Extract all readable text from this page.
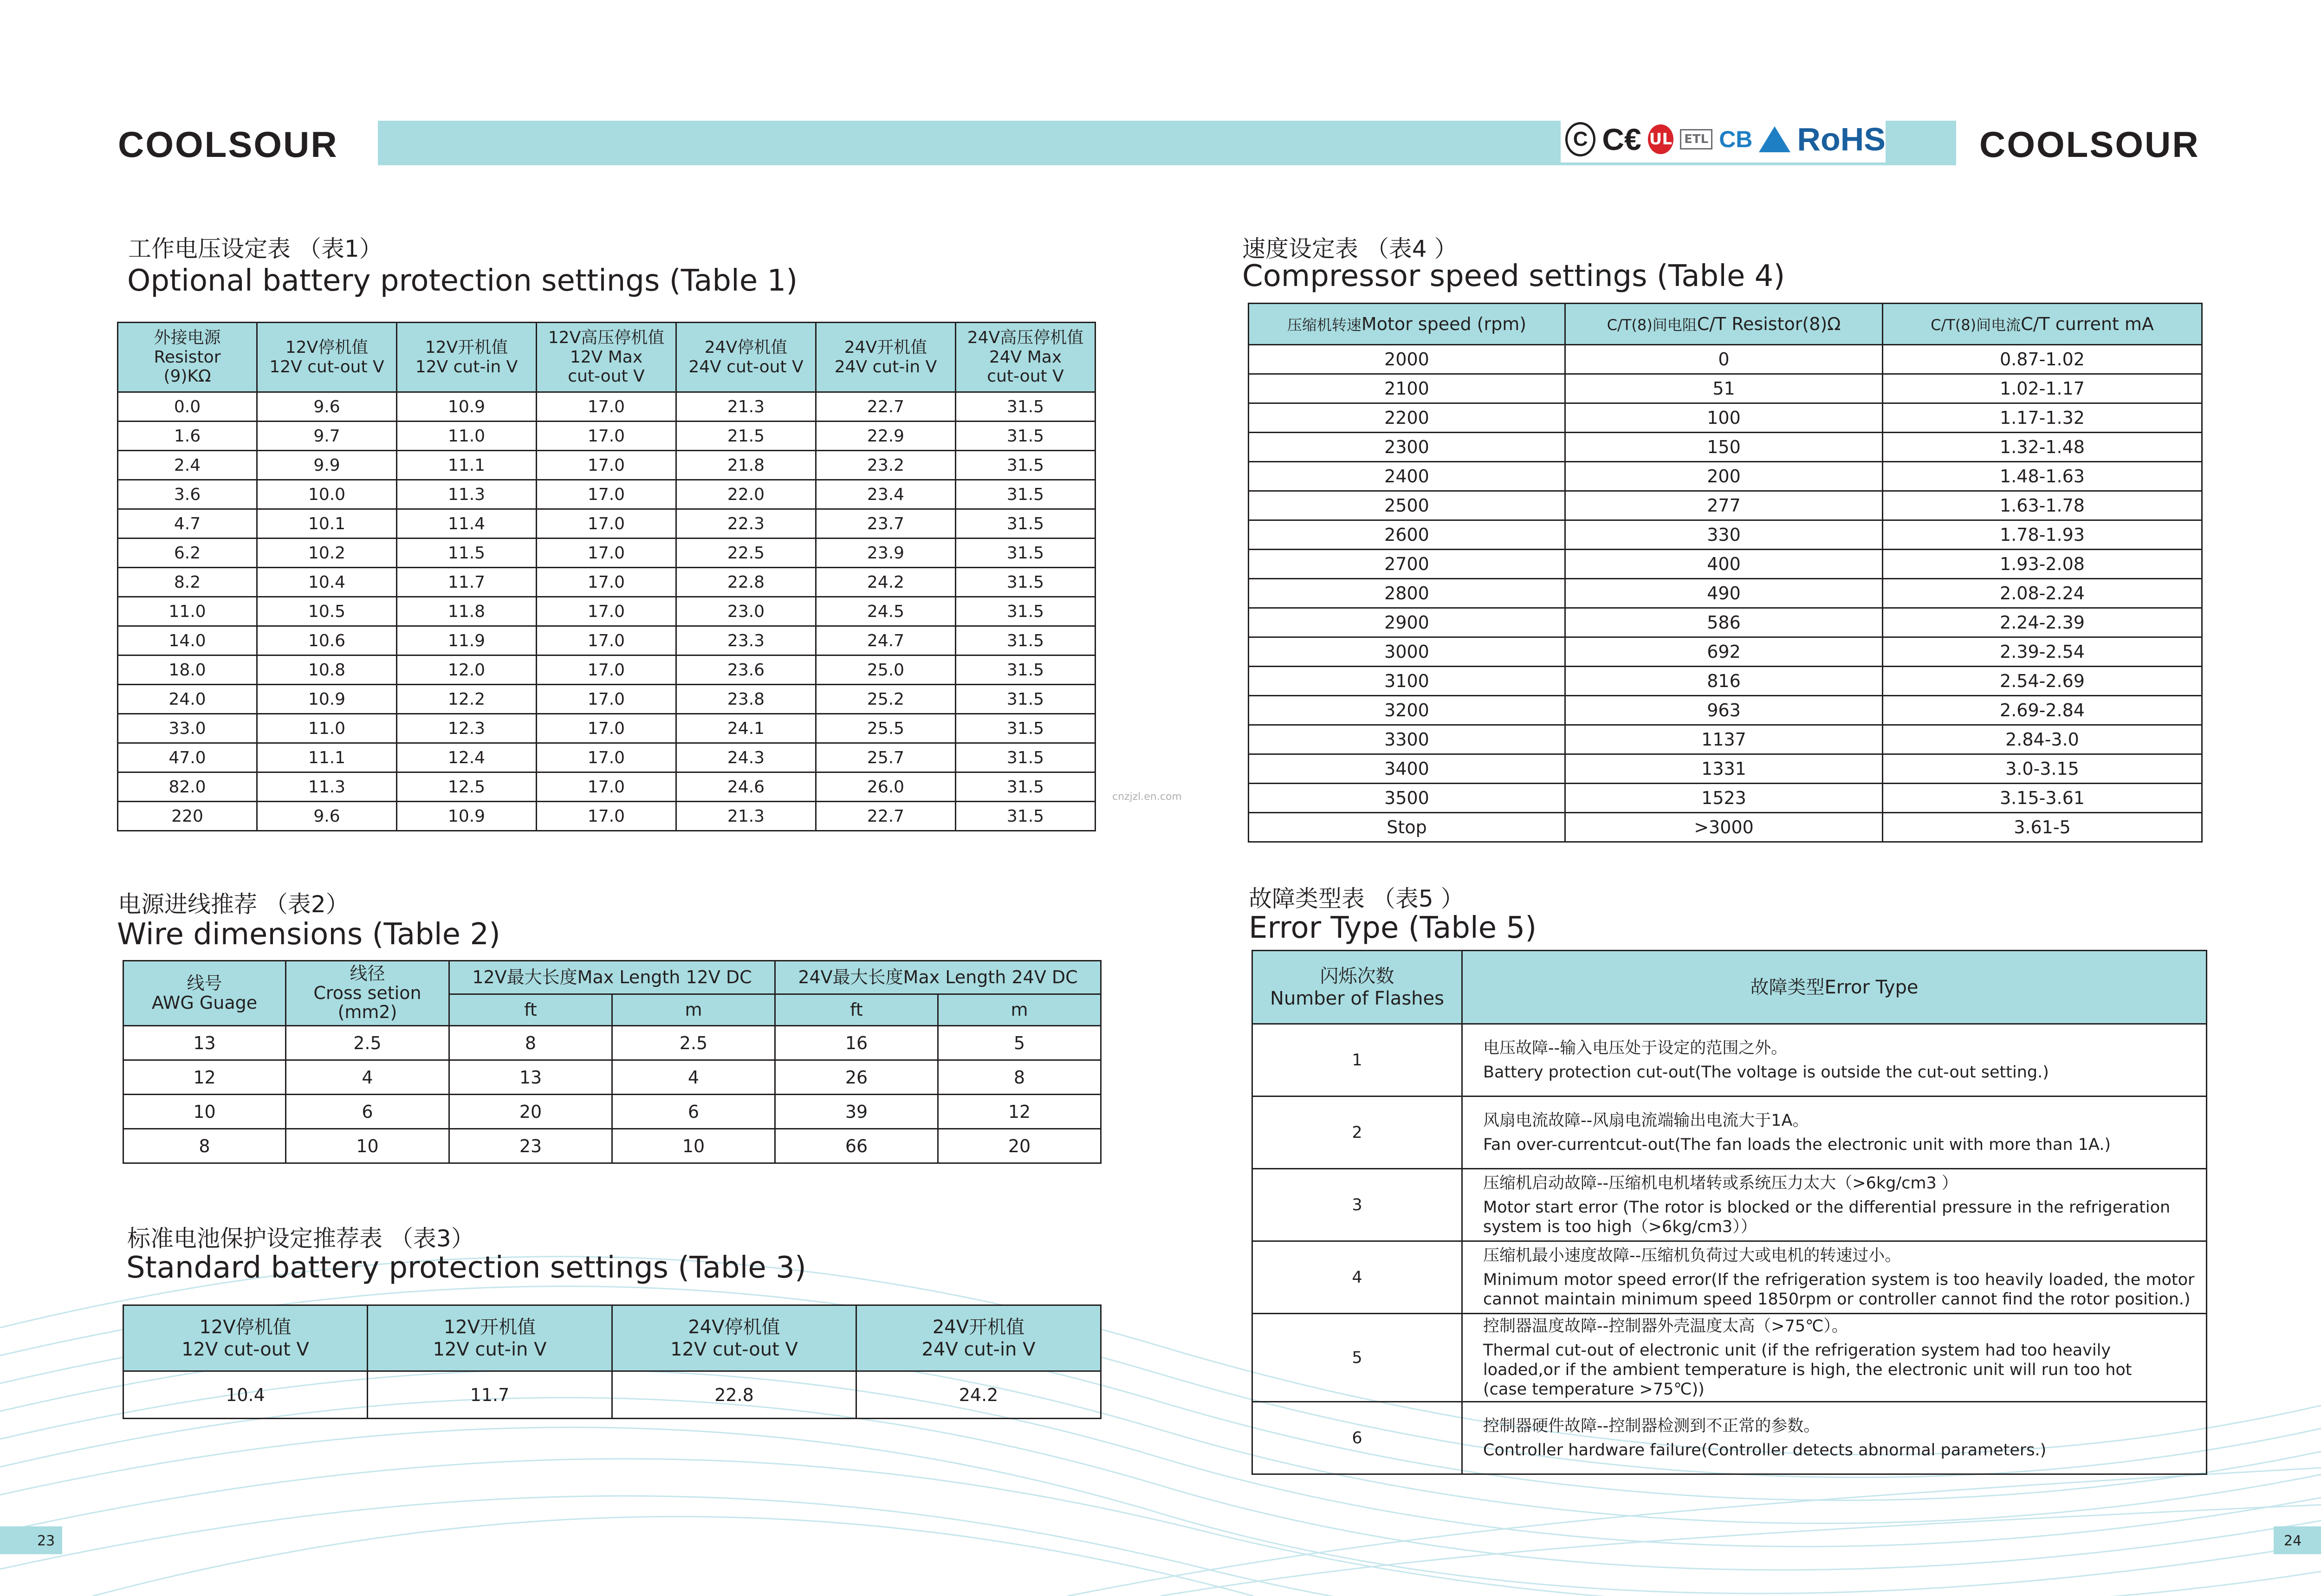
COOLSOUR	C C€ UL	ETL CB RoHS	COOLSOUR
工作电压设定表 （表1）
Optional battery protection settings (Table 1)
外接电源
Resistor
(9)KΩ	12V停机值
12V cut-out V	12V开机值
12V cut-in V	12V高压停机值
12V Max
cut-out V	24V停机值
24V cut-out V	24V开机值
24V cut-in V	24V高压停机值
24V Max
cut-out V
0.0	9.6	10.9	17.0	21.3	22.7	31.5
1.6	9.7	11.0	17.0	21.5	22.9	31.5
2.4	9.9	11.1	17.0	21.8	23.2	31.5
3.6	10.0	11.3	17.0	22.0	23.4	31.5
4.7	10.1	11.4	17.0	22.3	23.7	31.5
6.2	10.2	11.5	17.0	22.5	23.9	31.5
8.2	10.4	11.7	17.0	22.8	24.2	31.5
11.0	10.5	11.8	17.0	23.0	24.5	31.5
14.0	10.6	11.9	17.0	23.3	24.7	31.5
18.0	10.8	12.0	17.0	23.6	25.0	31.5
24.0	10.9	12.2	17.0	23.8	25.2	31.5
33.0	11.0	12.3	17.0	24.1	25.5	31.5
47.0	11.1	12.4	17.0	24.3	25.7	31.5
82.0	11.3	12.5	17.0	24.6	26.0	31.5
220	9.6	10.9	17.0	21.3	22.7	31.5
电源进线推荐 （表2）
Wire dimensions (Table 2)
线号
AWG Guage	线径
Cross setion
(mm2)	12V最大长度Max Length 12V DC		24V最大长度Max Length 24V DC	
		ft	m	ft	m
13	2.5	8	2.5	16	5
12	4	13	4	26	8
10	6	20	6	39	12
8	10	23	10	66	20
标准电池保护设定推荐表 （表3）
Standard battery protection settings (Table 3)
12V停机值
12V cut-out V	12V开机值
12V cut-in V	24V停机值
12V cut-out V	24V开机值
24V cut-in V
10.4	11.7	22.8	24.2
速度设定表 （表4 ）
Compressor speed settings (Table 4)
压缩机转速Motor speed (rpm)	C/T(8)间电阻C/T Resistor(8)Ω	C/T(8)间电流C/T current mA
2000	0	0.87-1.02
2100	51	1.02-1.17
2200	100	1.17-1.32
2300	150	1.32-1.48
2400	200	1.48-1.63
2500	277	1.63-1.78
2600	330	1.78-1.93
2700	400	1.93-2.08
2800	490	2.08-2.24
2900	586	2.24-2.39
3000	692	2.39-2.54
3100	816	2.54-2.69
3200	963	2.69-2.84
3300	1137	2.84-3.0
3400	1331	3.0-3.15
3500	1523	3.15-3.61
Stop	>3000	3.61-5
cnzjzl.en.com
故障类型表 （表5 ）
Error Type (Table 5)
闪烁次数
Number of Flashes	故障类型Error Type
1	电压故障--输入电压处于设定的范围之外。
Battery protection cut-out(The voltage is outside the cut-out setting.)
2	风扇电流故障--风扇电流端输出电流大于1A。
Fan over-currentcut-out(The fan loads the electronic unit with more than 1A.)
3	压缩机启动故障--压缩机电机堵转或系统压力太大（>6kg/cm3 ）
Motor start error (The rotor is blocked or the differential pressure in the refrigeration
system is too high（>6kg/cm3））
4	压缩机最小速度故障--压缩机负荷过大或电机的转速过小。
Minimum motor speed error(If the refrigeration system is too heavily loaded, the motor
cannot maintain minimum speed 1850rpm or controller cannot find the rotor position.)
5	控制器温度故障--控制器外壳温度太高（>75℃）。
Thermal cut-out of electronic unit (if the refrigeration system had too heavily
loaded,or if the ambient temperature is high, the electronic unit will run too hot
(case temperature >75℃))
6	控制器硬件故障--控制器检测到不正常的参数。
Controller hardware failure(Controller detects abnormal parameters.)
23	24
